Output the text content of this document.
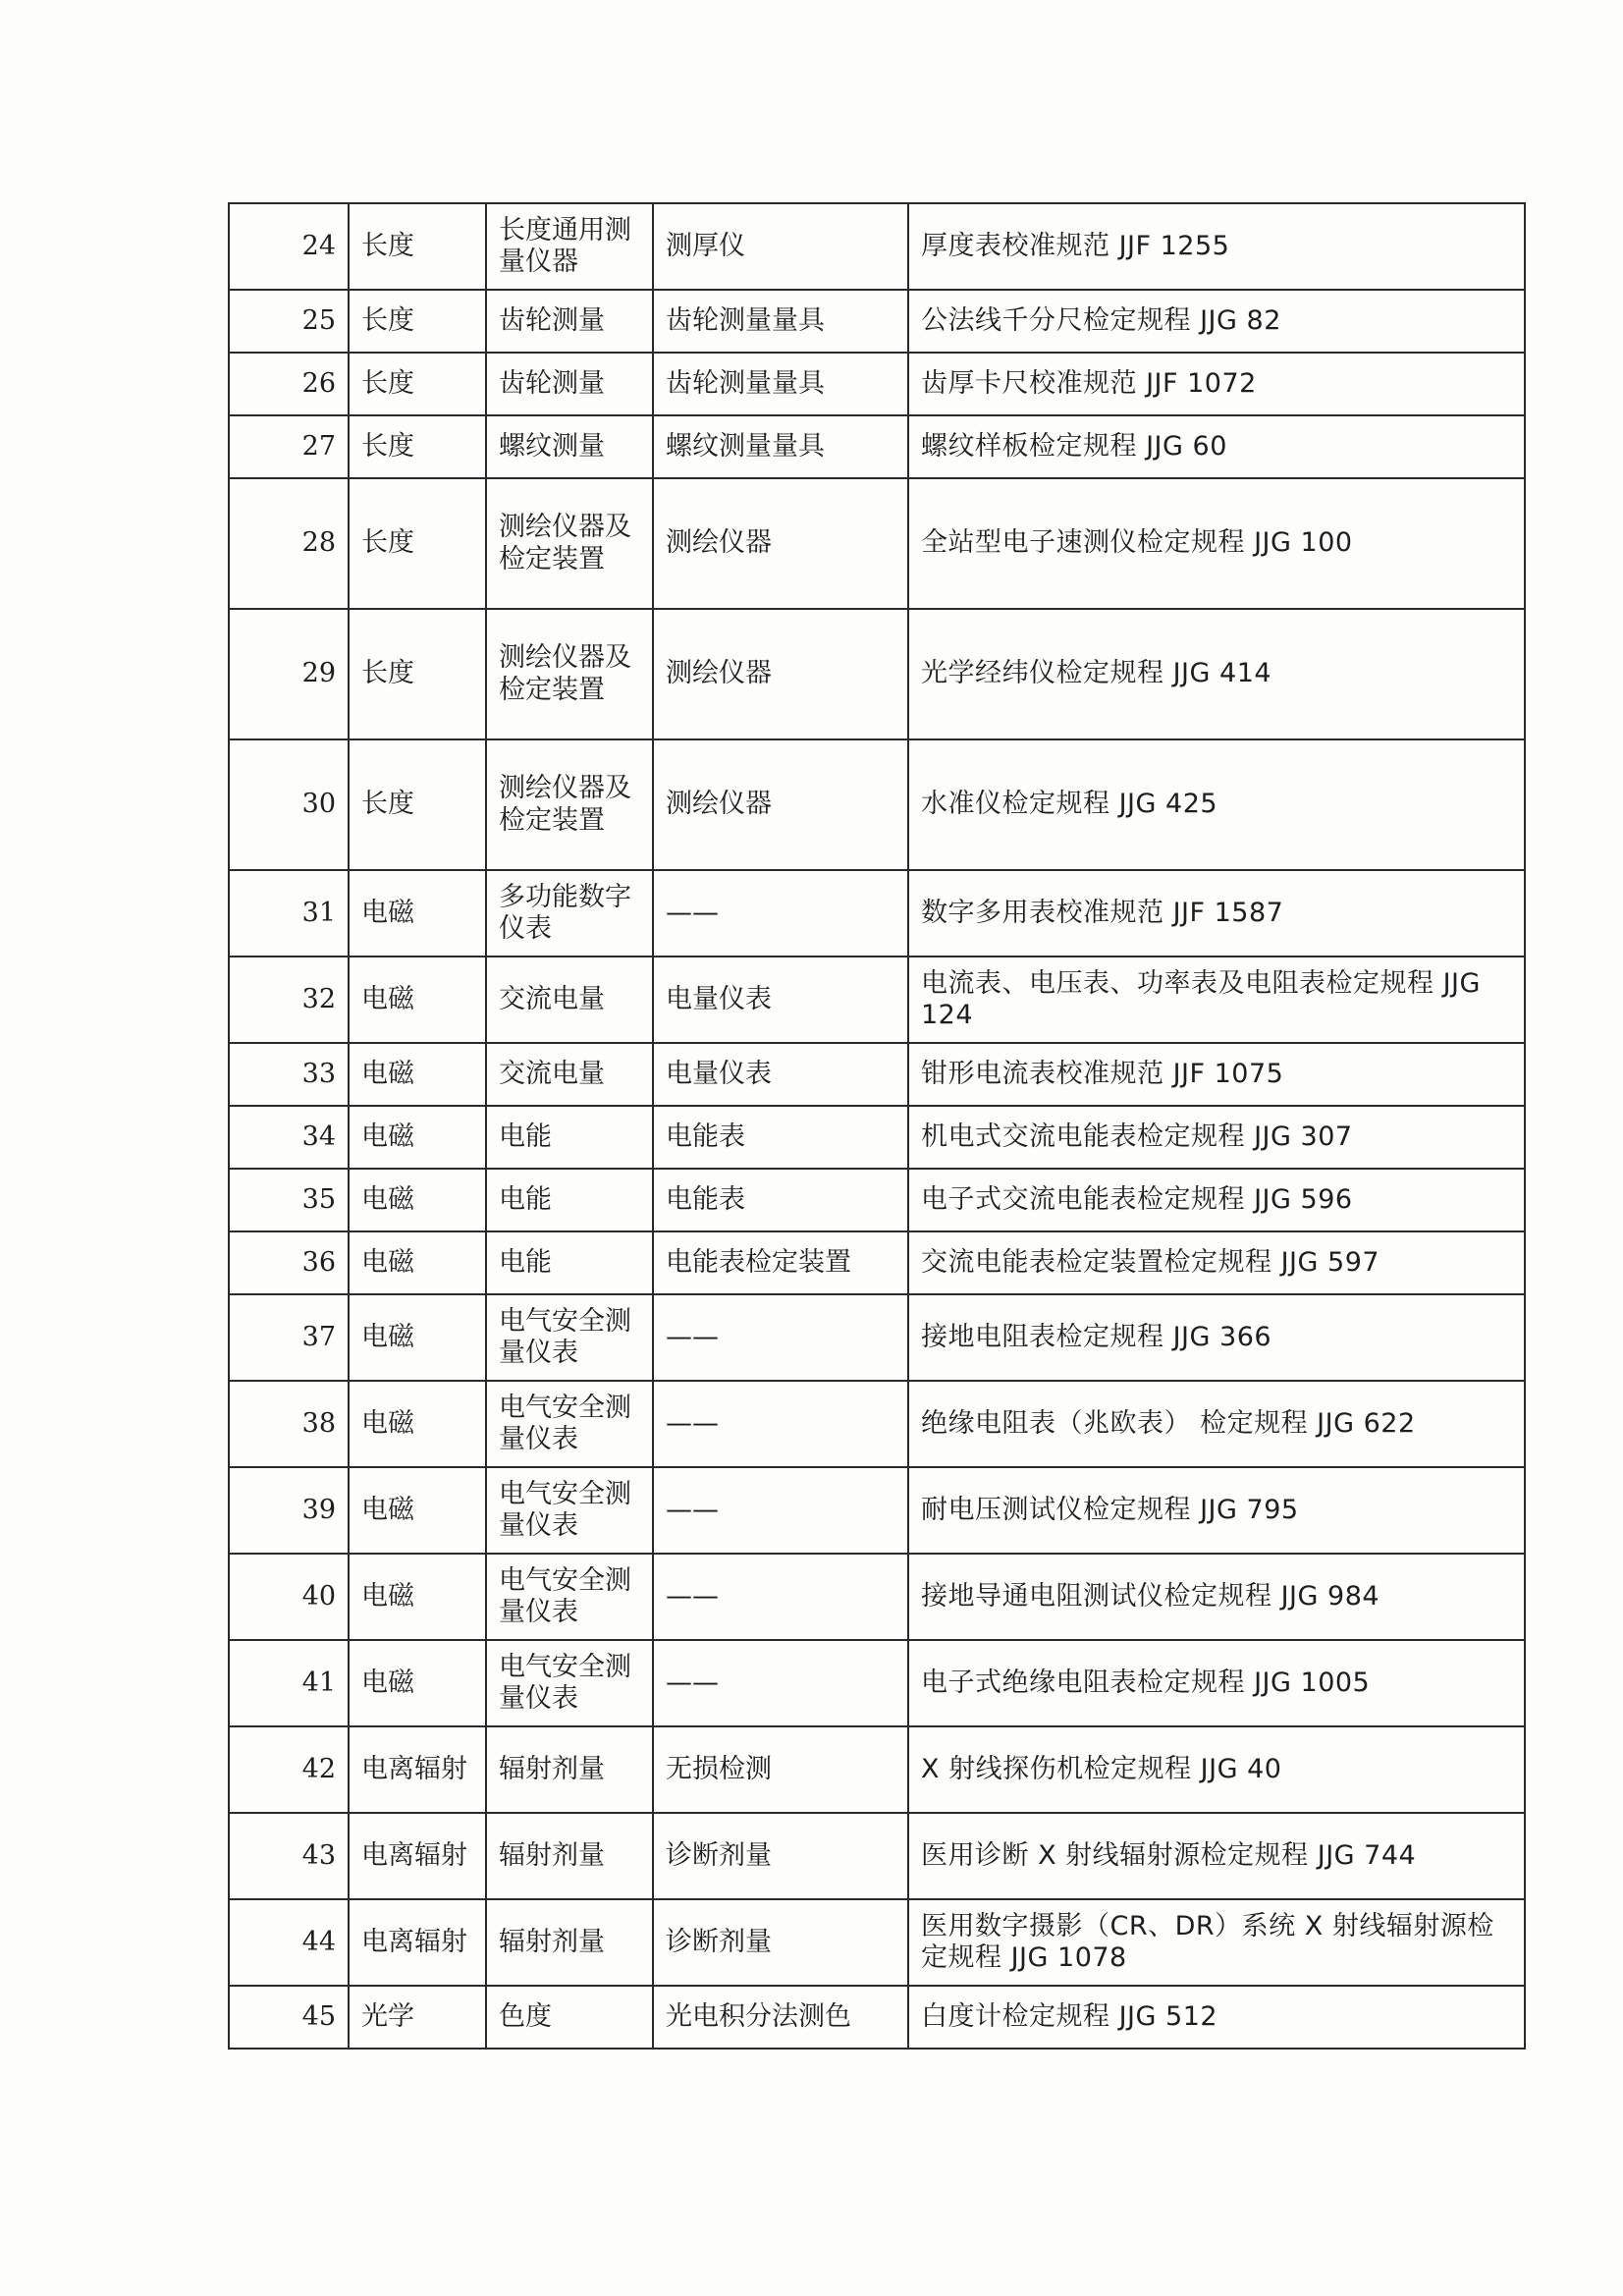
24	长度	长度通用测量仪器	测厚仪	厚度表校准规范 JJF 1255
25	长度	齿轮测量	齿轮测量量具	公法线千分尺检定规程 JJG 82
26	长度	齿轮测量	齿轮测量量具	齿厚卡尺校准规范 JJF 1072
27	长度	螺纹测量	螺纹测量量具	螺纹样板检定规程 JJG 60
28	长度	测绘仪器及检定装置	测绘仪器	全站型电子速测仪检定规程 JJG 100
29	长度	测绘仪器及检定装置	测绘仪器	光学经纬仪检定规程 JJG 414
30	长度	测绘仪器及检定装置	测绘仪器	水准仪检定规程 JJG 425
31	电磁	多功能数字仪表	——	数字多用表校准规范 JJF 1587
32	电磁	交流电量	电量仪表	电流表、电压表、功率表及电阻表检定规程 JJG 124
33	电磁	交流电量	电量仪表	钳形电流表校准规范 JJF 1075
34	电磁	电能	电能表	机电式交流电能表检定规程 JJG 307
35	电磁	电能	电能表	电子式交流电能表检定规程 JJG 596
36	电磁	电能	电能表检定装置	交流电能表检定装置检定规程 JJG 597
37	电磁	电气安全测量仪表	——	接地电阻表检定规程 JJG 366
38	电磁	电气安全测量仪表	——	绝缘电阻表（兆欧表） 检定规程 JJG 622
39	电磁	电气安全测量仪表	——	耐电压测试仪检定规程 JJG 795
40	电磁	电气安全测量仪表	——	接地导通电阻测试仪检定规程 JJG 984
41	电磁	电气安全测量仪表	——	电子式绝缘电阻表检定规程 JJG 1005
42	电离辐射	辐射剂量	无损检测	X 射线探伤机检定规程 JJG 40
43	电离辐射	辐射剂量	诊断剂量	医用诊断 X 射线辐射源检定规程 JJG 744
44	电离辐射	辐射剂量	诊断剂量	医用数字摄影（CR、DR）系统 X 射线辐射源检定规程 JJG 1078
45	光学	色度	光电积分法测色	白度计检定规程 JJG 512
